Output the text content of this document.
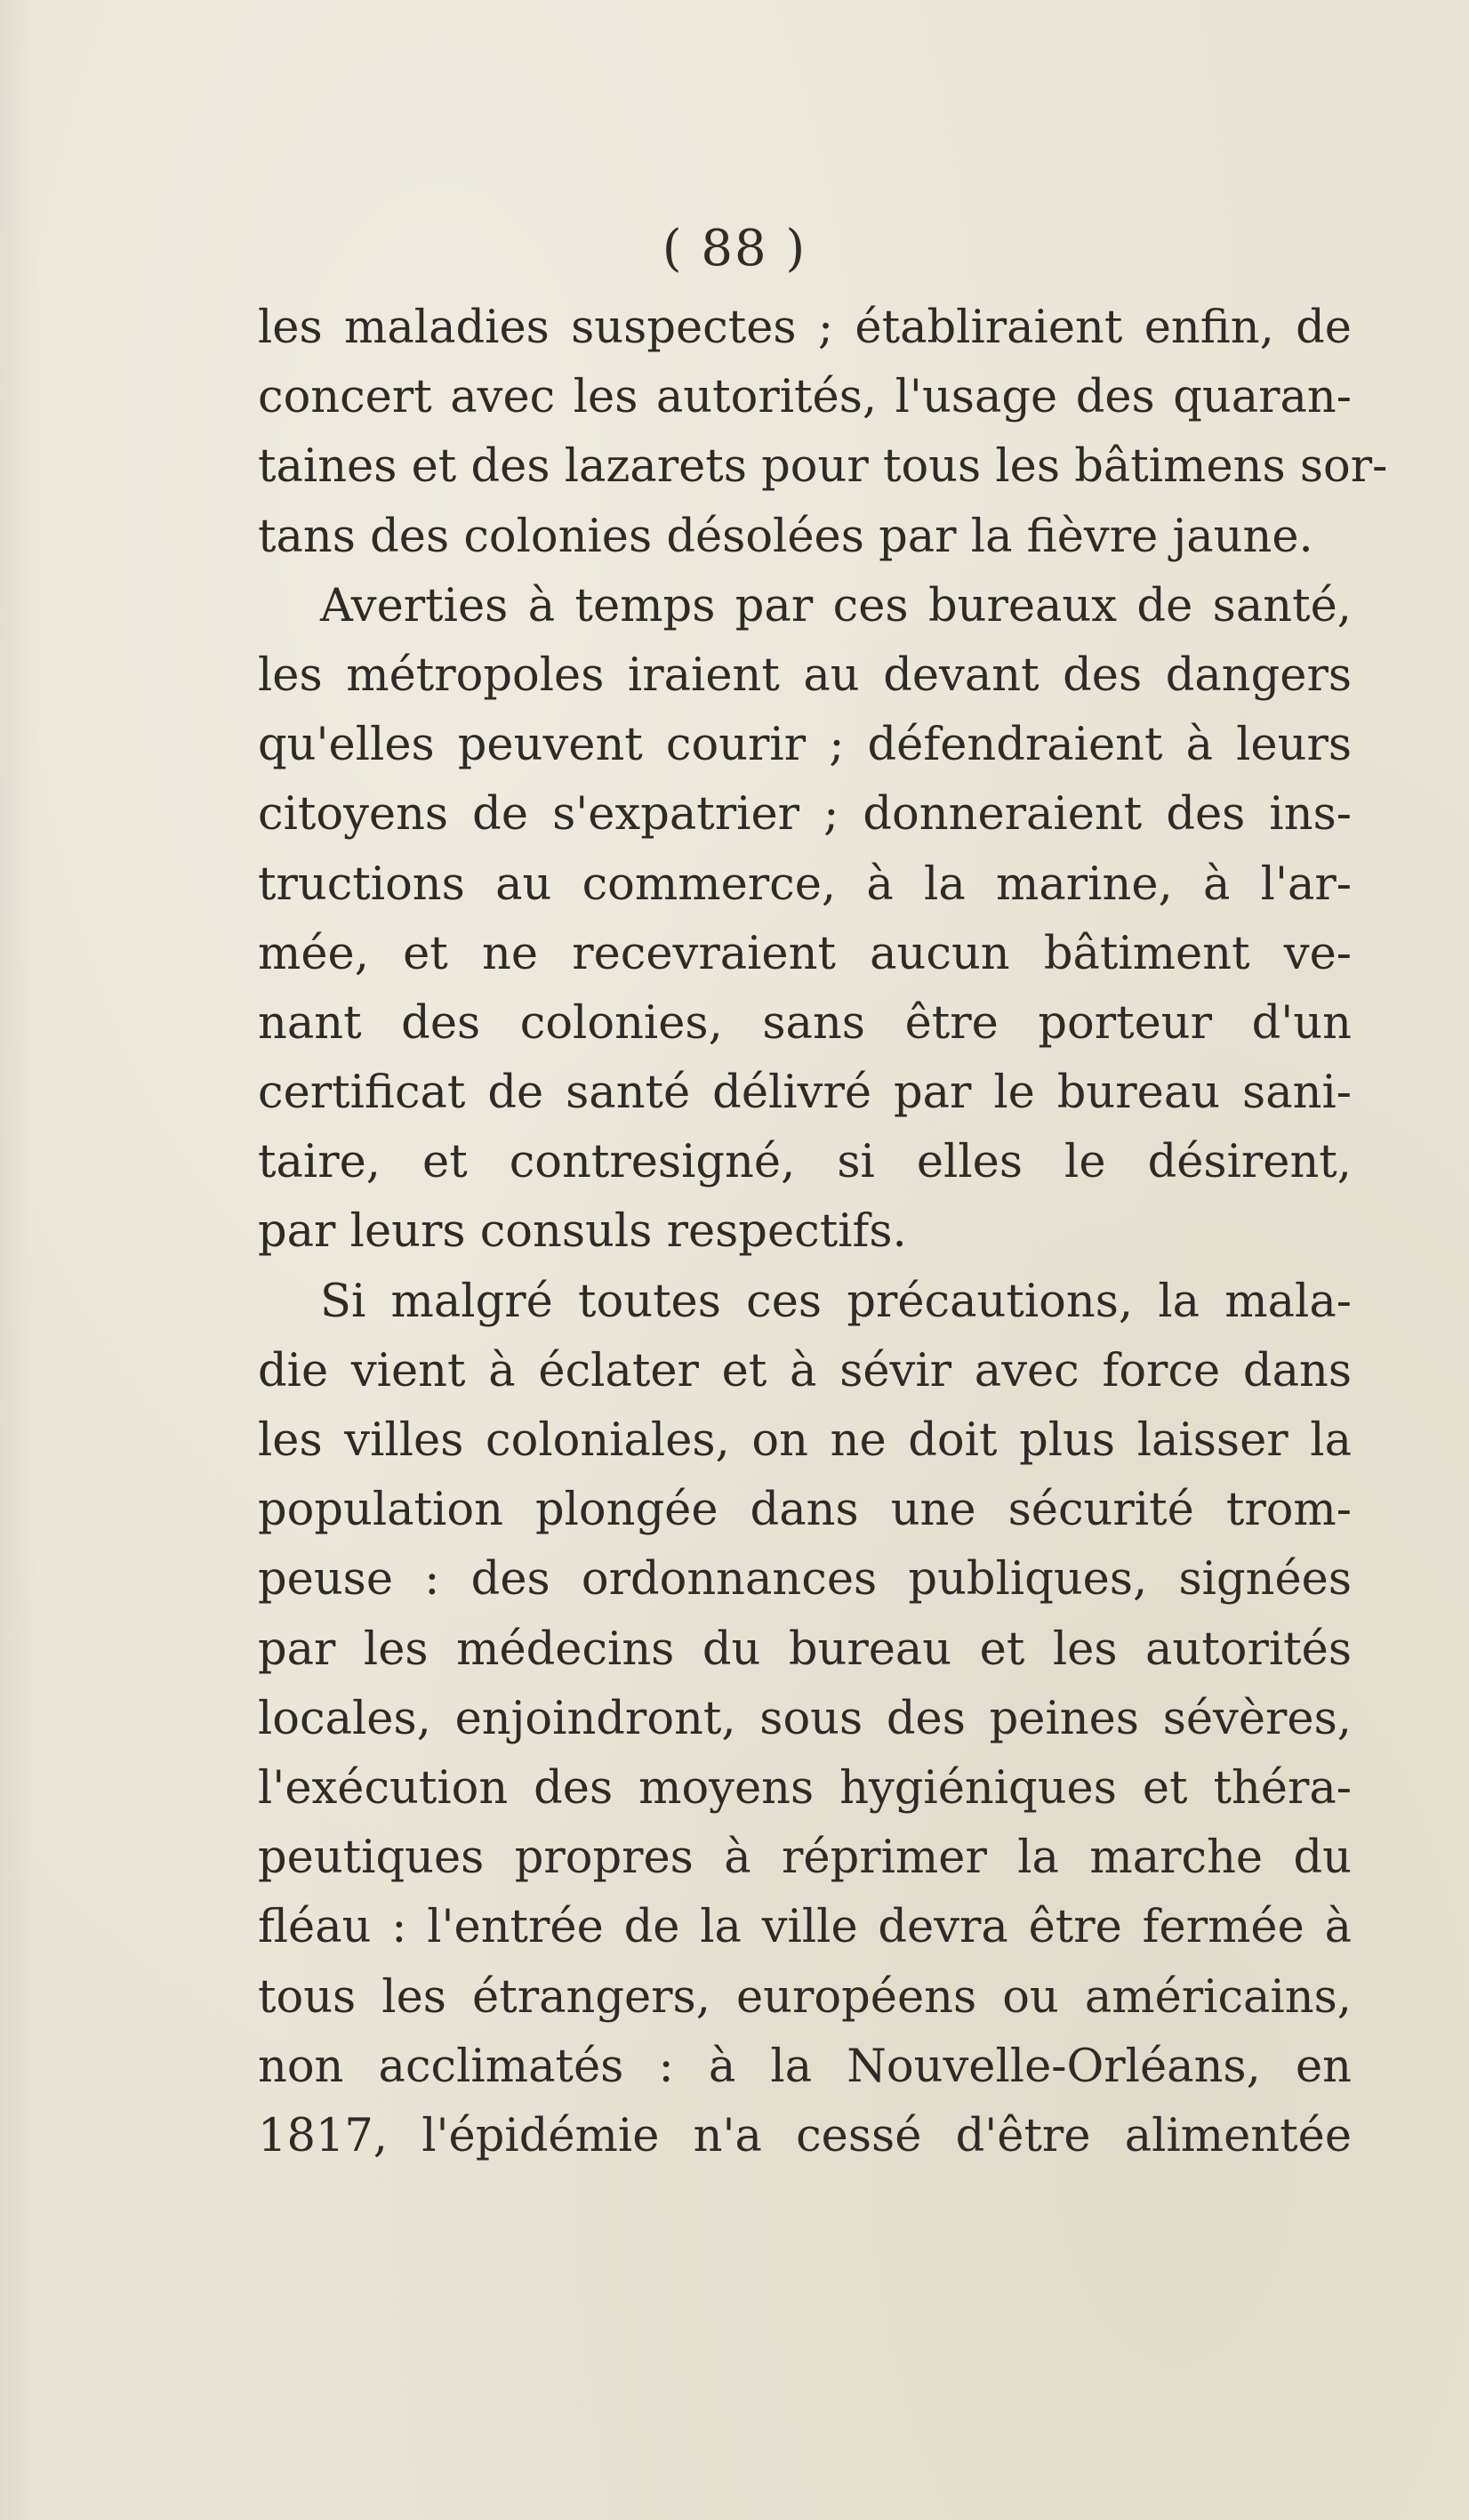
( 88 )
les maladies suspectes ; établiraient enfin, de
concert avec les autorités, l'usage des quaran-
taines et des lazarets pour tous les bâtimens sor-
tans des colonies désolées par la fièvre jaune.
Averties à temps par ces bureaux de santé,
les métropoles iraient au devant des dangers
qu'elles peuvent courir ; défendraient à leurs
citoyens de s'expatrier ; donneraient des ins-
tructions au commerce, à la marine, à l'ar-
mée, et ne recevraient aucun bâtiment ve-
nant des colonies, sans être porteur d'un
certificat de santé délivré par le bureau sani-
taire, et contresigné, si elles le désirent,
par leurs consuls respectifs.
Si malgré toutes ces précautions, la mala-
die vient à éclater et à sévir avec force dans
les villes coloniales, on ne doit plus laisser la
population plongée dans une sécurité trom-
peuse : des ordonnances publiques, signées
par les médecins du bureau et les autorités
locales, enjoindront, sous des peines sévères,
l'exécution des moyens hygiéniques et théra-
peutiques propres à réprimer la marche du
fléau : l'entrée de la ville devra être fermée à
tous les étrangers, européens ou américains,
non acclimatés : à la Nouvelle-Orléans, en
1817, l'épidémie n'a cessé d'être alimentée
